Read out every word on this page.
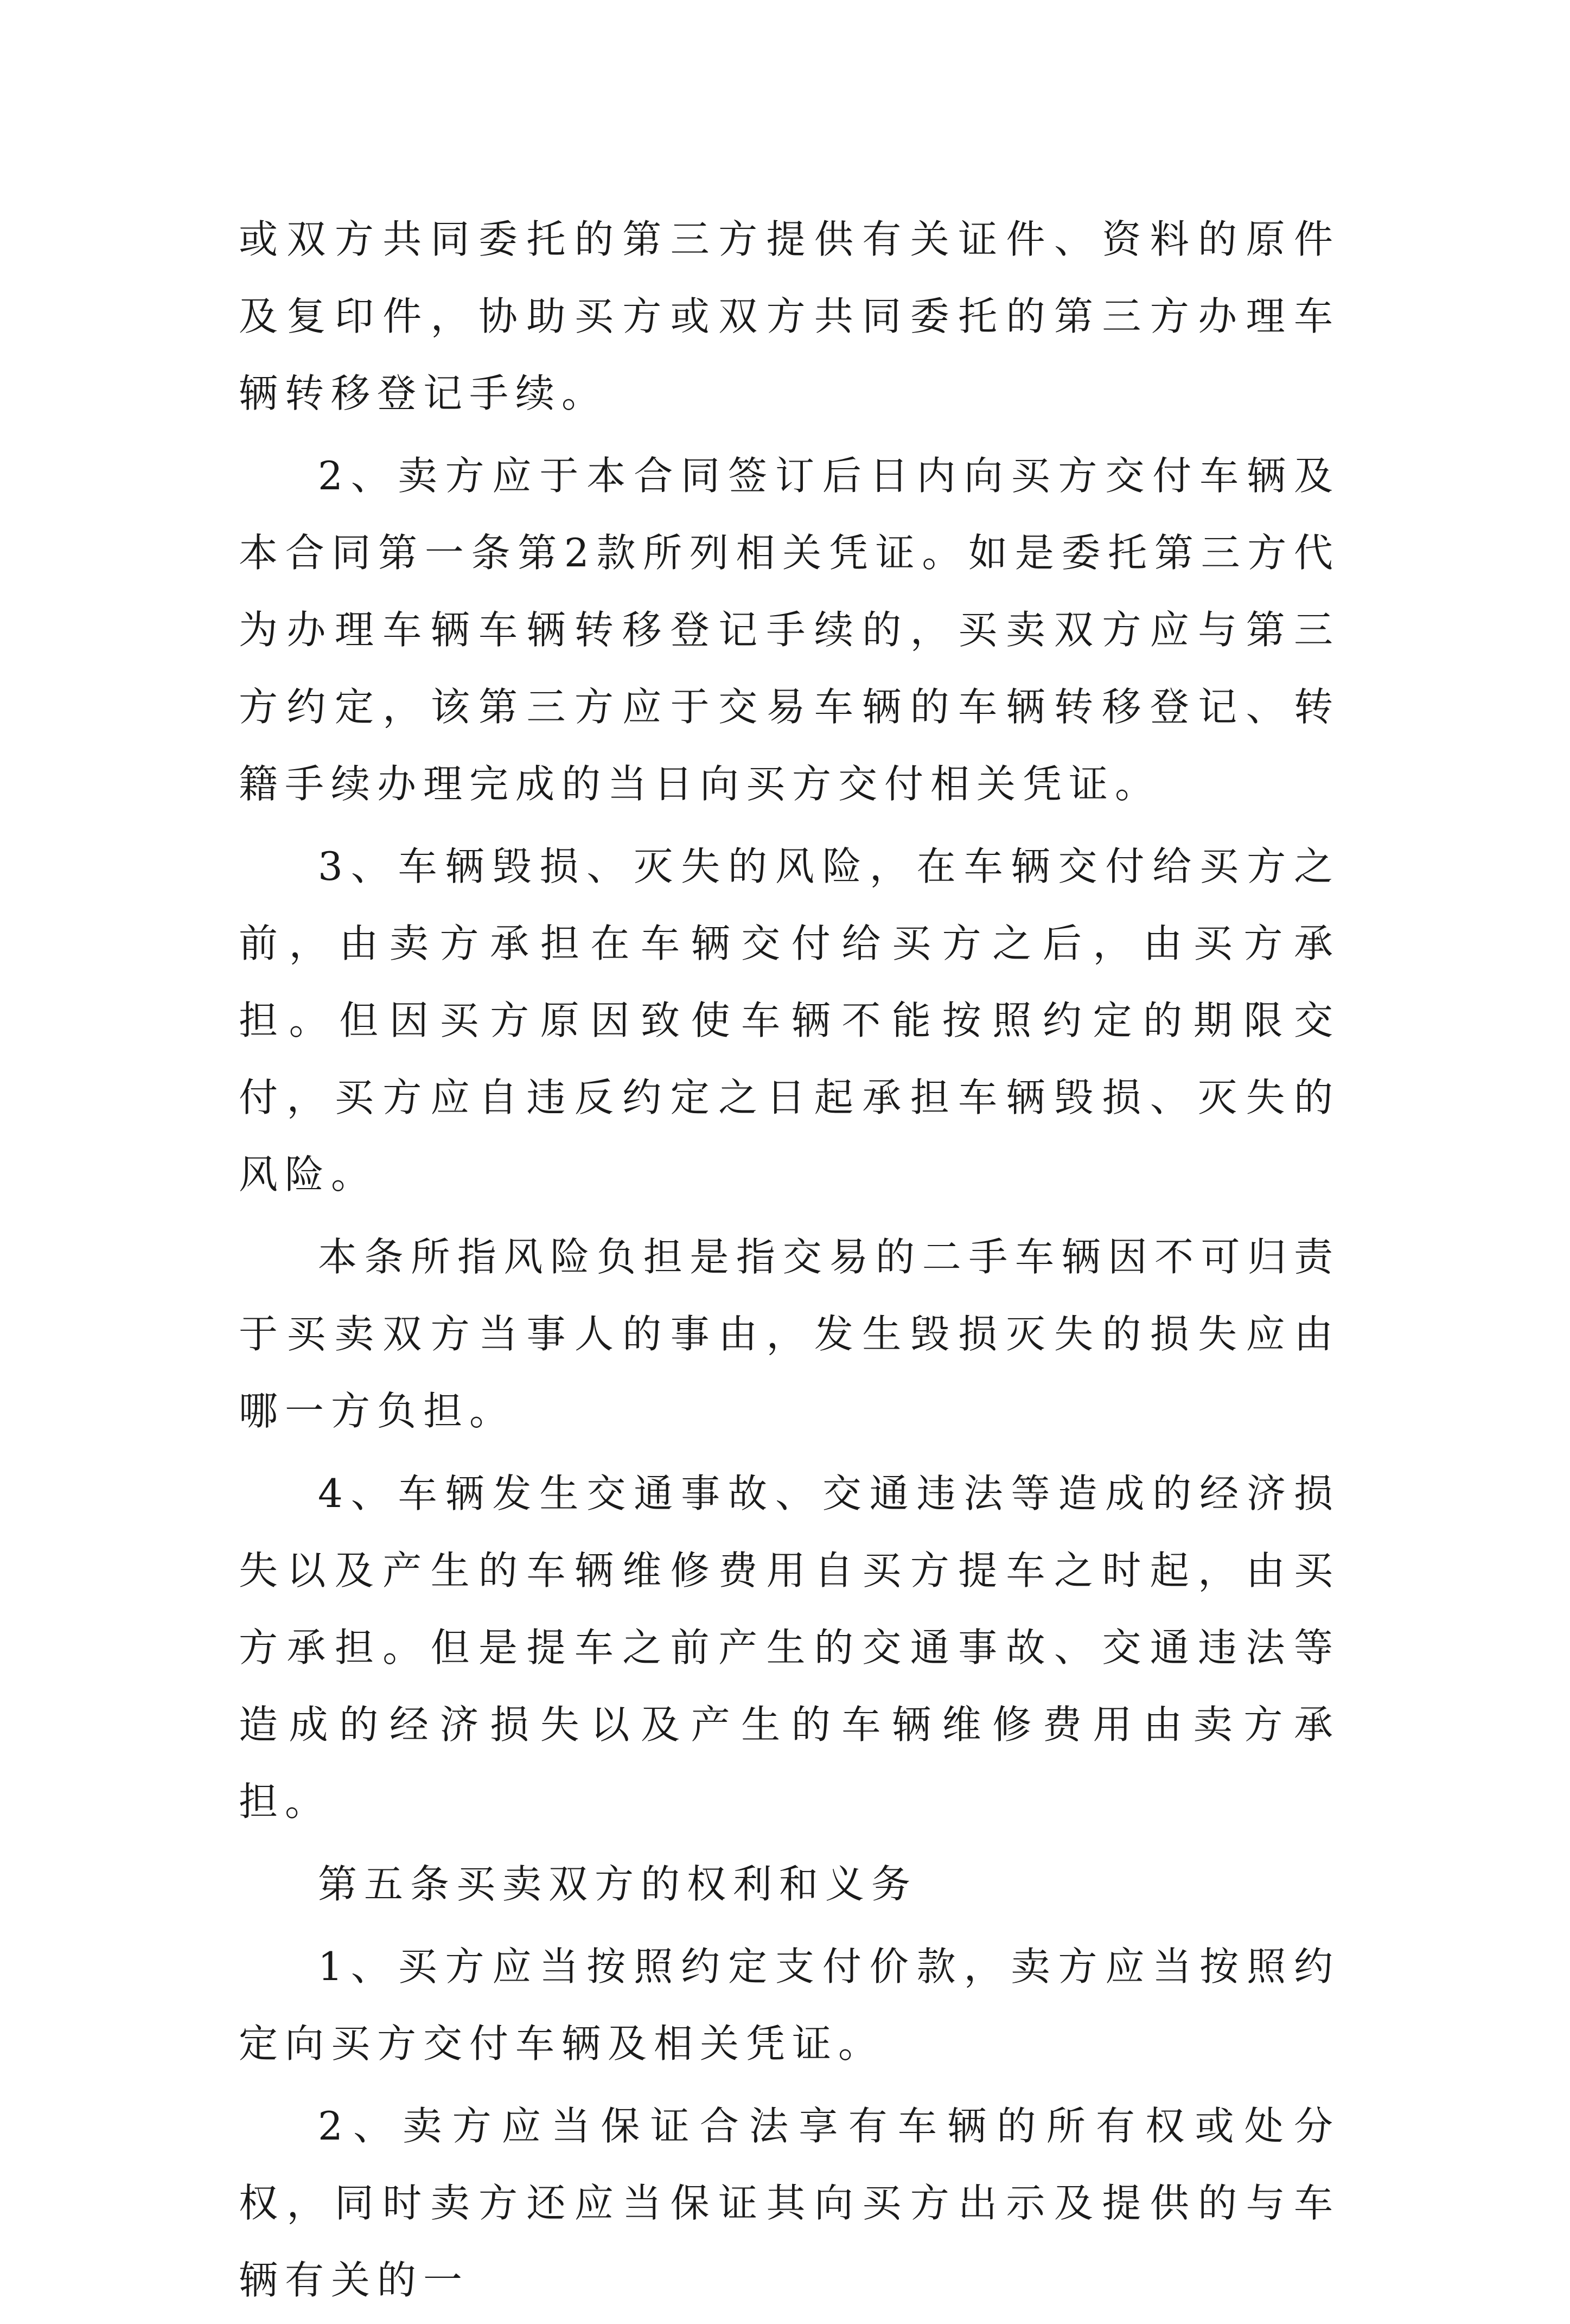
或双方共同委托的第三方提供有关证件、资料的原件及复印件，协助买方或双方共同委托的第三方办理车辆转移登记手续。

2、卖方应于本合同签订后日内向买方交付车辆及本合同第一条第2款所列相关凭证。如是委托第三方代为办理车辆车辆转移登记手续的，买卖双方应与第三方约定，该第三方应于交易车辆的车辆转移登记、转籍手续办理完成的当日向买方交付相关凭证。

3、车辆毁损、灭失的风险，在车辆交付给买方之前，由卖方承担在车辆交付给买方之后，由买方承担。但因买方原因致使车辆不能按照约定的期限交付，买方应自违反约定之日起承担车辆毁损、灭失的风险。

本条所指风险负担是指交易的二手车辆因不可归责于买卖双方当事人的事由，发生毁损灭失的损失应由哪一方负担。

4、车辆发生交通事故、交通违法等造成的经济损失以及产生的车辆维修费用自买方提车之时起，由买方承担。但是提车之前产生的交通事故、交通违法等造成的经济损失以及产生的车辆维修费用由卖方承担。

第五条买卖双方的权利和义务

1、买方应当按照约定支付价款，卖方应当按照约定向买方交付车辆及相关凭证。

2、卖方应当保证合法享有车辆的所有权或处分权，同时卖方还应当保证其向买方出示及提供的与车辆有关的一
